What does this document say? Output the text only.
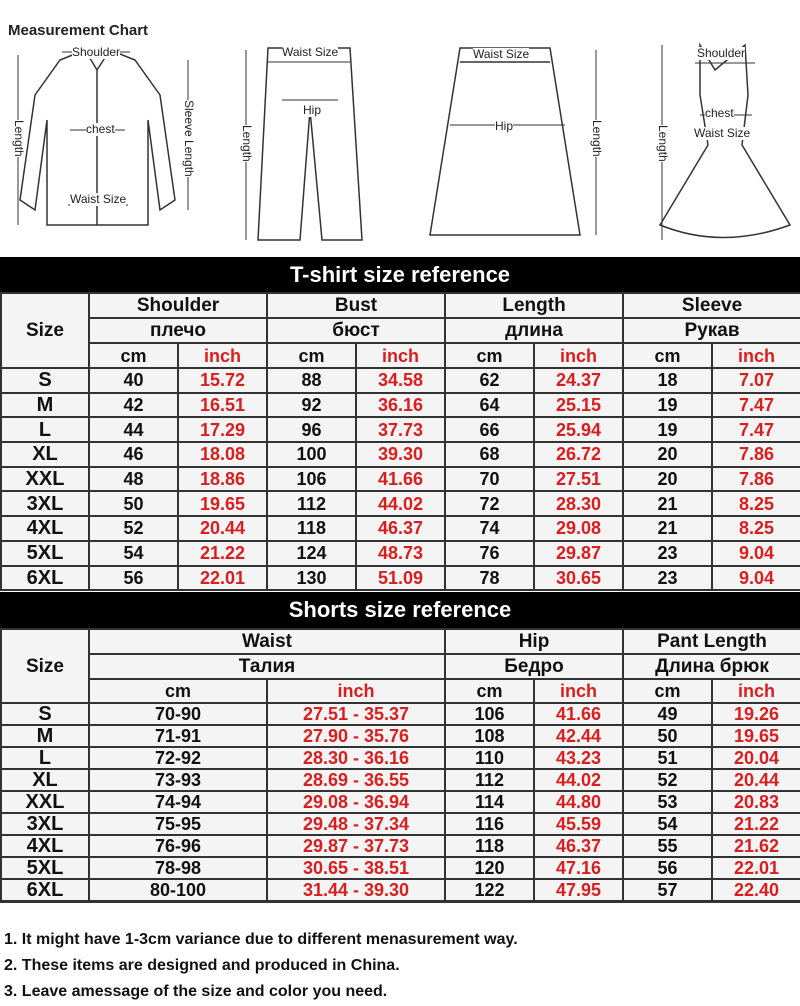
Measurement Chart
Shoulder
chest	Sleeve Length
Length
Waist Size
Waist Size
Hip
Length
Waist Size
Hip	Length
Shoulder
chest
Waist Size
Length
T-shirt size reference
Size	Shoulder		Bust		Length		Sleeve	
	плечо		бюст		длина		Рукав	
	cm	inch	cm	inch	cm	inch	cm	inch
S	40	15.72	88	34.58	62	24.37	18	7.07
M	42	16.51	92	36.16	64	25.15	19	7.47
L	44	17.29	96	37.73	66	25.94	19	7.47
XL	46	18.08	100	39.30	68	26.72	20	7.86
XXL	48	18.86	106	41.66	70	27.51	20	7.86
3XL	50	19.65	112	44.02	72	28.30	21	8.25
4XL	52	20.44	118	46.37	74	29.08	21	8.25
5XL	54	21.22	124	48.73	76	29.87	23	9.04
6XL	56	22.01	130	51.09	78	30.65	23	9.04
Shorts size reference
Size	Waist		Hip		Pant Length	
	Талия		Бедро		Длина брюк	
	cm	inch	cm	inch	cm	inch
S	70-90	27.51 - 35.37	106	41.66	49	19.26
M	71-91	27.90 - 35.76	108	42.44	50	19.65
L	72-92	28.30 - 36.16	110	43.23	51	20.04
XL	73-93	28.69 - 36.55	112	44.02	52	20.44
XXL	74-94	29.08 - 36.94	114	44.80	53	20.83
3XL	75-95	29.48 - 37.34	116	45.59	54	21.22
4XL	76-96	29.87 - 37.73	118	46.37	55	21.62
5XL	78-98	30.65 - 38.51	120	47.16	56	22.01
6XL	80-100	31.44 - 39.30	122	47.95	57	22.40
1. It might have 1-3cm variance due to different menasurement way.
2. These items are designed and produced in China.
3. Leave amessage of the size and color you need.
